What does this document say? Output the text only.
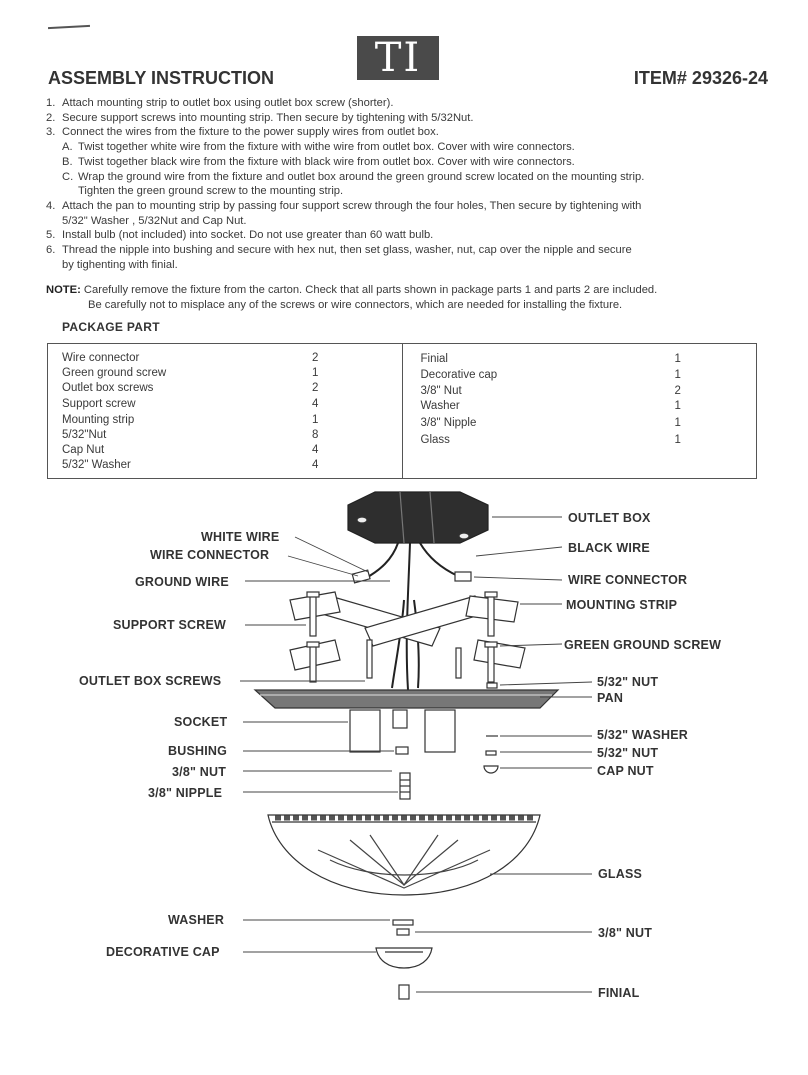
TI
ASSEMBLY INSTRUCTION	ITEM# 29326-24
1. Attach mounting strip to outlet box using outlet box screw (shorter).
2. Secure support screws into mounting strip. Then secure by tightening with 5/32Nut.
3. Connect the wires from the fixture to the power supply wires from outlet box.
A. Twist together white wire from the fixture with withe wire from outlet box. Cover with wire connectors.
B. Twist together black wire from the fixture with black wire from outlet box. Cover with wire connectors.
C. Wrap the ground wire from the fixture and outlet box around the green ground screw located on the mounting strip.
Tighten the green ground screw to the mounting strip.
4. Attach the pan to mounting strip by passing four support screw through the four holes, Then secure by tightening with
5/32" Washer , 5/32Nut and Cap Nut.
5. Install bulb (not included) into socket. Do not use greater than 60 watt bulb.
6. Thread the nipple into bushing and secure with hex nut, then set glass, washer, nut, cap over the nipple and secure
by tighenting with finial.
NOTE: Carefully remove the fixture from the carton. Check that all parts shown in package parts 1 and parts 2 are included.
Be carefully not to misplace any of the screws or wire connectors, which are needed for installing the fixture.
PACKAGE PART
Wire connector	2
Green ground screw	1
Outlet box screws	2
Support screw	4
Mounting strip	1
5/32"Nut	8
Cap Nut	4
5/32" Washer	4
Finial	1
Decorative cap	1
3/8" Nut	2
Washer	1
3/8" Nipple	1
Glass	1
WHITE WIRE
WIRE CONNECTOR
GROUND WIRE
SUPPORT SCREW
OUTLET BOX SCREWS
SOCKET
BUSHING
3/8" NUT
3/8" NIPPLE
WASHER
DECORATIVE CAP
OUTLET BOX
BLACK WIRE
WIRE CONNECTOR
MOUNTING STRIP
GREEN GROUND SCREW
5/32" NUT
PAN
5/32" WASHER
5/32" NUT
CAP NUT
GLASS
3/8" NUT
FINIAL
